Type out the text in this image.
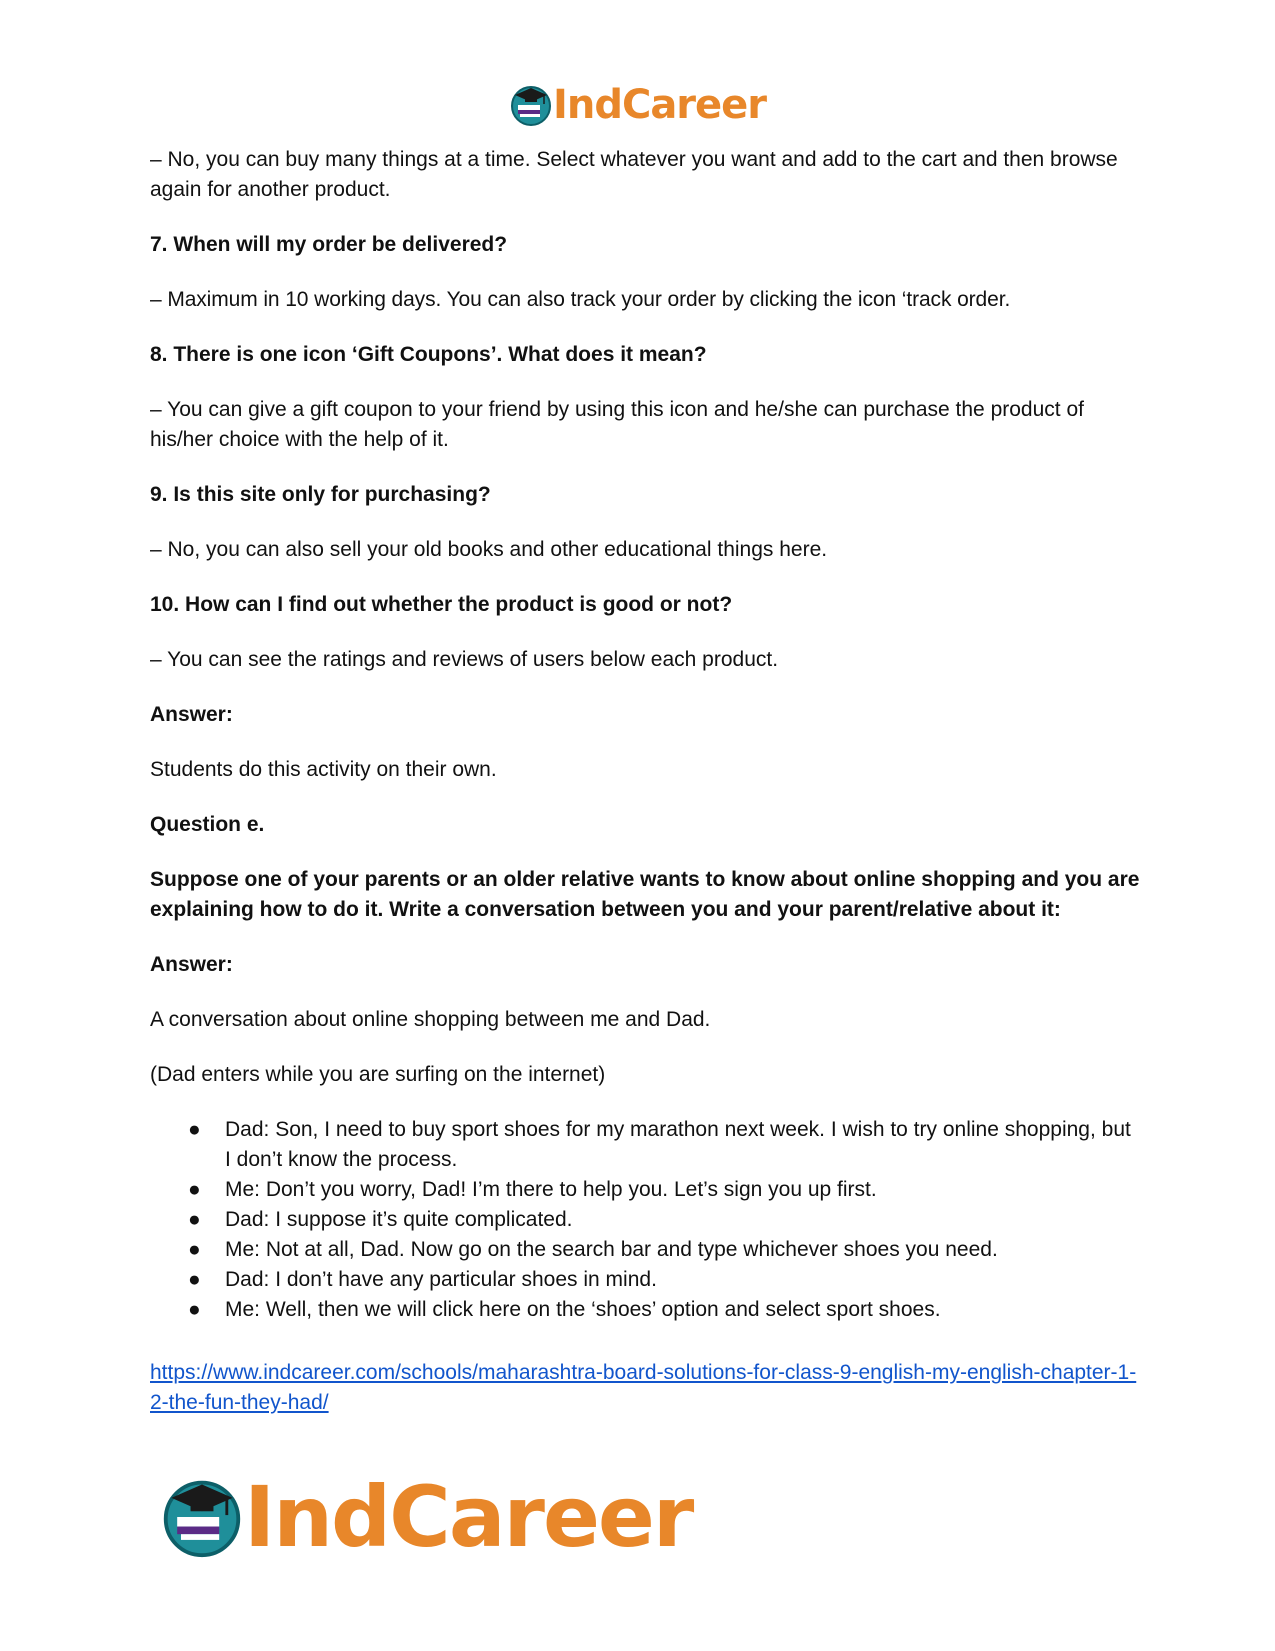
IndCareer

– No, you can buy many things at a time. Select whatever you want and add to the cart and then browse again for another product.

7. When will my order be delivered?

– Maximum in 10 working days. You can also track your order by clicking the icon ‘track order.

8. There is one icon ‘Gift Coupons’. What does it mean?

– You can give a gift coupon to your friend by using this icon and he/she can purchase the product of his/her choice with the help of it.

9. Is this site only for purchasing?

– No, you can also sell your old books and other educational things here.

10. How can I find out whether the product is good or not?

– You can see the ratings and reviews of users below each product.

Answer:

Students do this activity on their own.

Question e.

Suppose one of your parents or an older relative wants to know about online shopping and you are explaining how to do it. Write a conversation between you and your parent/relative about it:

Answer:

A conversation about online shopping between me and Dad.

(Dad enters while you are surfing on the internet)

● Dad: Son, I need to buy sport shoes for my marathon next week. I wish to try online shopping, but I don’t know the process.
● Me: Don’t you worry, Dad! I’m there to help you. Let’s sign you up first.
● Dad: I suppose it’s quite complicated.
● Me: Not at all, Dad. Now go on the search bar and type whichever shoes you need.
● Dad: I don’t have any particular shoes in mind.
● Me: Well, then we will click here on the ‘shoes’ option and select sport shoes.
https://www.indcareer.com/schools/maharashtra-board-solutions-for-class-9-english-my-english-chapter-1-2-the-fun-they-had/
IndCareer
